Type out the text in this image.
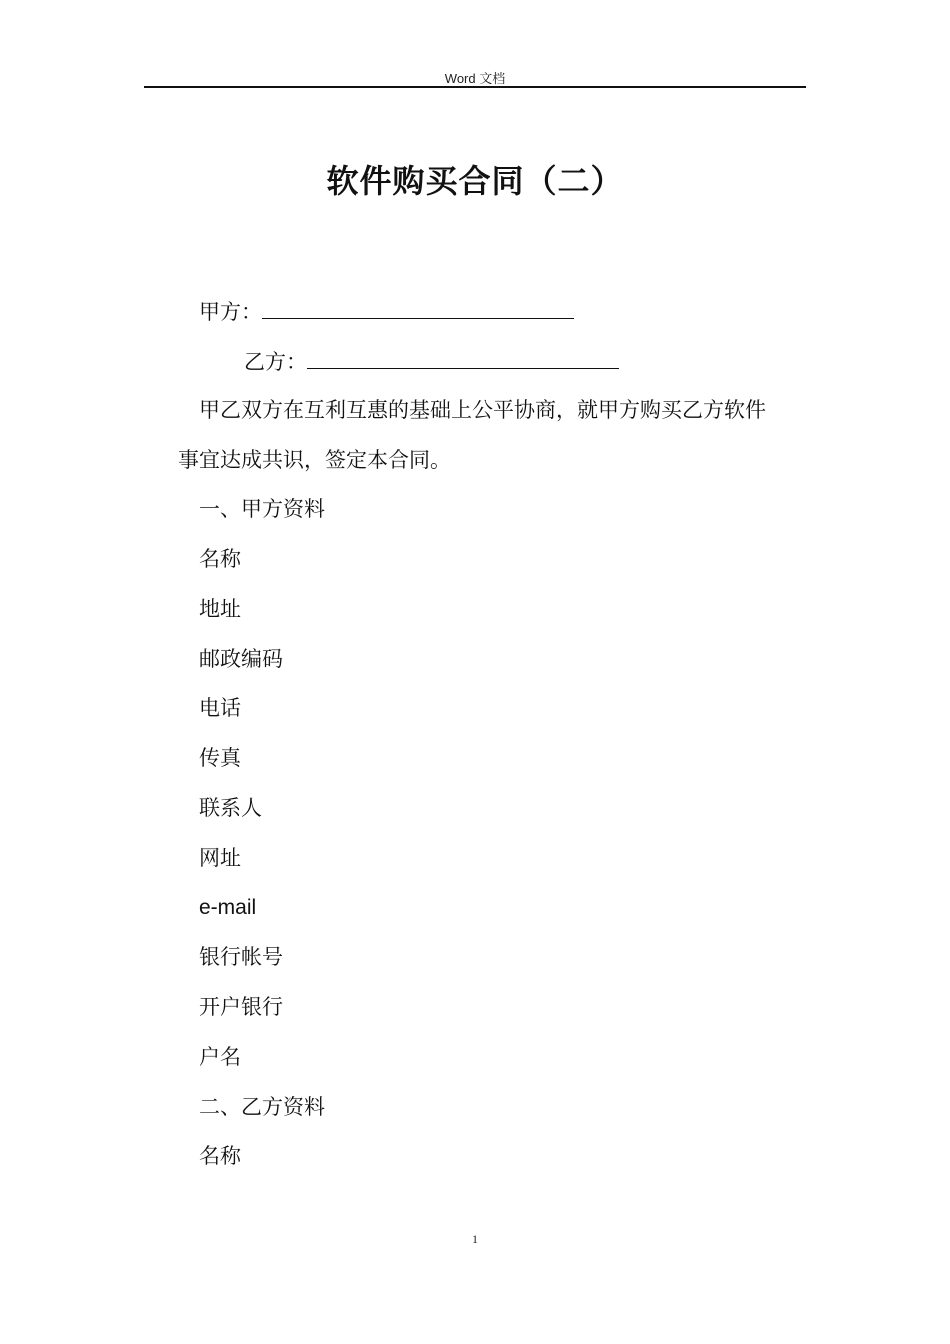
Word 文档
软件购买合同（二）
甲方：
乙方：
甲乙双方在互利互惠的基础上公平协商，就甲方购买乙方软件
事宜达成共识，签定本合同。
一、甲方资料
名称
地址
邮政编码
电话
传真
联系人
网址
e-mail
银行帐号
开户银行
户名
二、乙方资料
名称
1
